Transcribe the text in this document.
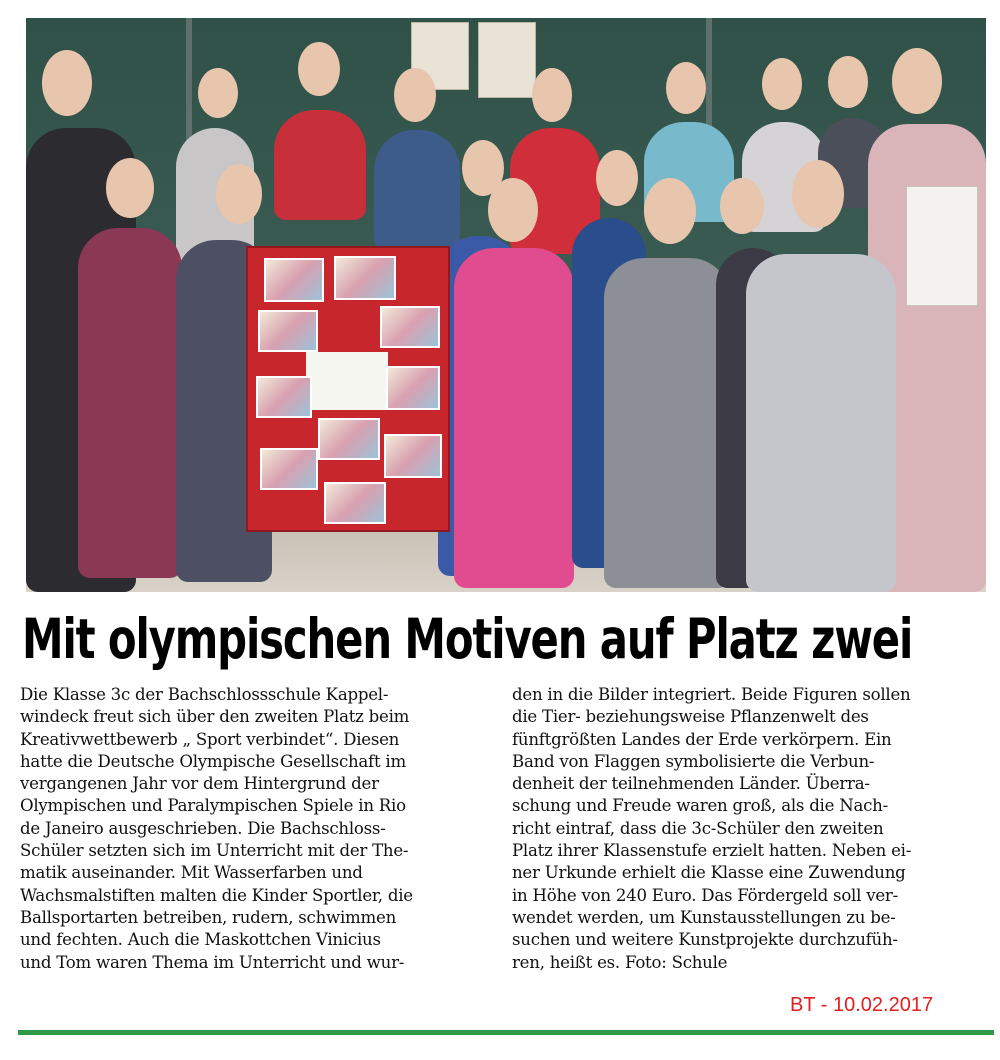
Mit olympischen Motiven auf Platz zwei
Die Klasse 3c der Bachschlossschule Kappel-
windeck freut sich über den zweiten Platz beim
Kreativwettbewerb „ Sport verbindet“. Diesen
hatte die Deutsche Olympische Gesellschaft im
vergangenen Jahr vor dem Hintergrund der
Olympischen und Paralympischen Spiele in Rio
de Janeiro ausgeschrieben. Die Bachschloss-
Schüler setzten sich im Unterricht mit der The-
matik auseinander. Mit Wasserfarben und
Wachsmalstiften malten die Kinder Sportler, die
Ballsportarten betreiben, rudern, schwimmen
und fechten. Auch die Maskottchen Vinicius
und Tom waren Thema im Unterricht und wur-
den in die Bilder integriert. Beide Figuren sollen
die Tier- beziehungsweise Pflanzenwelt des
fünftgrößten Landes der Erde verkörpern. Ein
Band von Flaggen symbolisierte die Verbun-
denheit der teilnehmenden Länder. Überra-
schung und Freude waren groß, als die Nach-
richt eintraf, dass die 3c-Schüler den zweiten
Platz ihrer Klassenstufe erzielt hatten. Neben ei-
ner Urkunde erhielt die Klasse eine Zuwendung
in Höhe von 240 Euro. Das Fördergeld soll ver-
wendet werden, um Kunstausstellungen zu be-
suchen und weitere Kunstprojekte durchzufüh-
ren, heißt es. Foto: Schule
BT - 10.02.2017
